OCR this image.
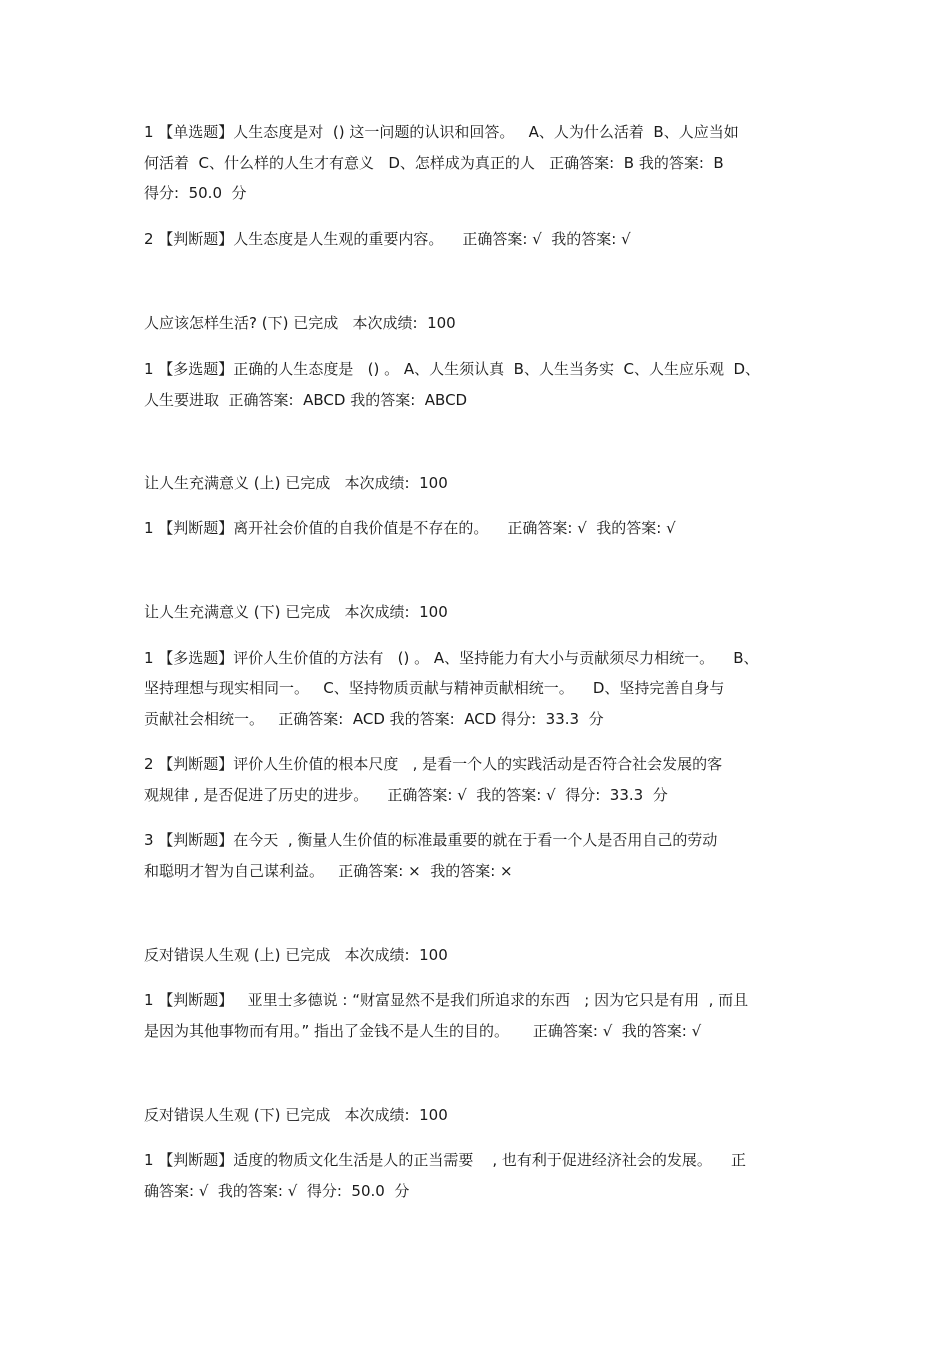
1 【单选题】人生态度是对  () 这一问题的认识和回答。   A、人为什么活着  B、人应当如
何活着  C、什么样的人生才有意义   D、怎样成为真正的人   正确答案:  B 我的答案:  B
得分:  50.0  分
2 【判断题】人生态度是人生观的重要内容。    正确答案: √  我的答案: √
人应该怎样生活? (下) 已完成   本次成绩:  100
1 【多选题】正确的人生态度是   () 。 A、人生须认真  B、人生当务实  C、人生应乐观  D、
人生要进取  正确答案:  ABCD 我的答案:  ABCD
让人生充满意义 (上) 已完成   本次成绩:  100
1 【判断题】离开社会价值的自我价值是不存在的。    正确答案: √  我的答案: √
让人生充满意义 (下) 已完成   本次成绩:  100
1 【多选题】评价人生价值的方法有   () 。 A、坚持能力有大小与贡献须尽力相统一。    B、
坚持理想与现实相同一。   C、坚持物质贡献与精神贡献相统一。    D、坚持完善自身与
贡献社会相统一。   正确答案:  ACD 我的答案:  ACD 得分:  33.3  分
2 【判断题】评价人生价值的根本尺度   , 是看一个人的实践活动是否符合社会发展的客
观规律 , 是否促进了历史的进步。    正确答案: √  我的答案: √  得分:  33.3  分
3 【判断题】在今天  , 衡量人生价值的标准最重要的就在于看一个人是否用自己的劳动
和聪明才智为自己谋利益。   正确答案: ×  我的答案: ×
反对错误人生观 (上) 已完成   本次成绩:  100
1 【判断题】   亚里士多德说 : “财富显然不是我们所追求的东西   ; 因为它只是有用  , 而且
是因为其他事物而有用。” 指出了金钱不是人生的目的。     正确答案: √  我的答案: √
反对错误人生观 (下) 已完成   本次成绩:  100
1 【判断题】适度的物质文化生活是人的正当需要    , 也有利于促进经济社会的发展。    正
确答案: √  我的答案: √  得分:  50.0  分
